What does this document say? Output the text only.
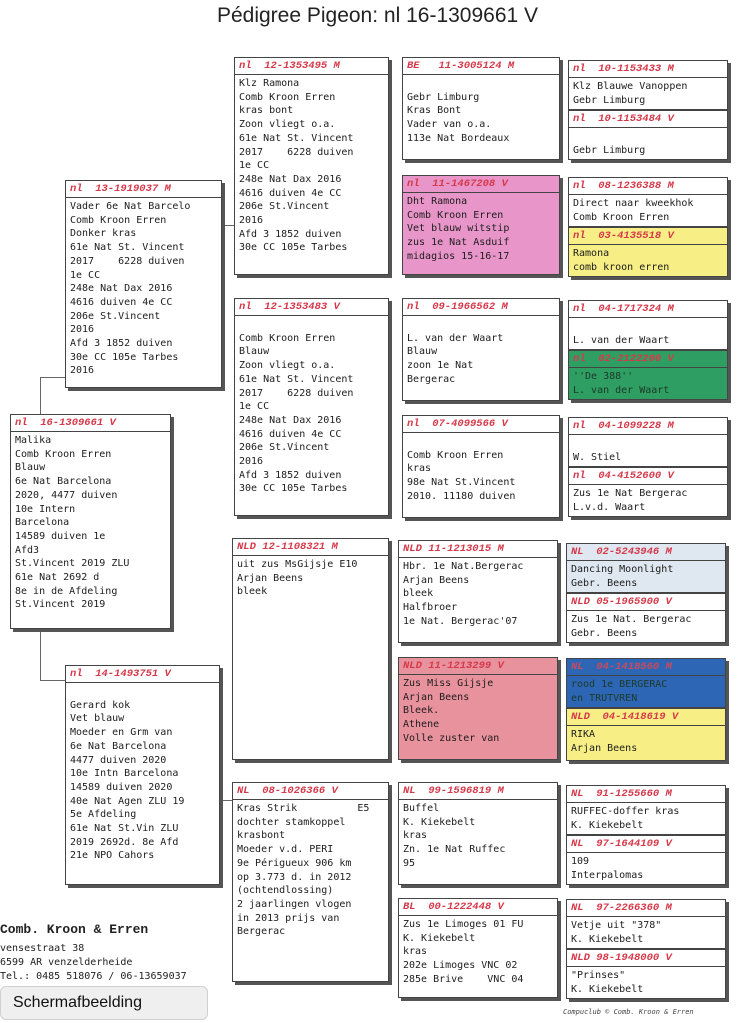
Pédigree Pigeon: nl 16-1309661 V
nl  16-1309661 V
Malika
Comb Kroon Erren
Blauw
6e Nat Barcelona
2020, 4477 duiven
10e Intern
Barcelona
14589 duiven 1e
Afd3
St.Vincent 2019 ZLU
61e Nat 2692 d
8e in de Afdeling
St.Vincent 2019
nl  13-1919037 M
Vader 6e Nat Barcelo
Comb Kroon Erren
Donker kras
61e Nat St. Vincent
2017    6228 duiven
1e CC
248e Nat Dax 2016
4616 duiven 4e CC
206e St.Vincent
2016
Afd 3 1852 duiven
30e CC 105e Tarbes
2016
nl  14-1493751 V

Gerard kok
Vet blauw
Moeder en Grm van
6e Nat Barcelona
4477 duiven 2020
10e Intn Barcelona
14589 duiven 2020
40e Nat Agen ZLU 19
5e Afdeling
61e Nat St.Vin ZLU
2019 2692d. 8e Afd
21e NPO Cahors
nl  12-1353495 M
Klz Ramona
Comb Kroon Erren
kras bont
Zoon vliegt o.a.
61e Nat St. Vincent
2017    6228 duiven
1e CC
248e Nat Dax 2016
4616 duiven 4e CC
206e St.Vincent
2016
Afd 3 1852 duiven
30e CC 105e Tarbes
nl  12-1353483 V

Comb Kroon Erren
Blauw
Zoon vliegt o.a.
61e Nat St. Vincent
2017    6228 duiven
1e CC
248e Nat Dax 2016
4616 duiven 4e CC
206e St.Vincent
2016
Afd 3 1852 duiven
30e CC 105e Tarbes
NLD 12-1108321 M
uit zus MsGijsje E10
Arjan Beens
bleek
NL  08-1026366 V
Kras Strik          E5
dochter stamkoppel
krasbont
Moeder v.d. PERI
9e Périgueux 906 km
op 3.773 d. in 2012
(ochtendlossing)
2 jaarlingen vlogen
in 2013 prijs van
Bergerac
BE   11-3005124 M

Gebr Limburg
Kras Bont
Vader van o.a.
113e Nat Bordeaux
nl  11-1467208 V
Dht Ramona
Comb Kroon Erren
Vet blauw witstip
zus 1e Nat Asduif
midagios 15-16-17
nl  09-1966562 M

L. van der Waart
Blauw
zoon 1e Nat
Bergerac
nl  07-4099566 V

Comb Kroon Erren
kras
98e Nat St.Vincent
2010. 11180 duiven
NLD 11-1213015 M
Hbr. 1e Nat.Bergerac
Arjan Beens
bleek
Halfbroer
1e Nat. Bergerac'07
NLD 11-1213299 V
Zus Miss Gijsje
Arjan Beens
Bleek.
Athene
Volle zuster van
NL  99-1596819 M
Buffel
K. Kiekebelt
kras
Zn. 1e Nat Ruffec
95
BL  00-1222448 V
Zus 1e Limoges 01 FU
K. Kiekebelt
kras
202e Limoges VNC 02
285e Brive    VNC 04
nl  10-1153433 M
Klz Blauwe Vanoppen
Gebr Limburg
nl  10-1153484 V

Gebr Limburg
nl  08-1236388 M
Direct naar kweekhok
Comb Kroon Erren
nl  03-4135518 V
Ramona
comb kroon erren
nl  04-1717324 M

L. van der Waart
nl  02-2122200 V
''De 388''
L. van der Waart
nl  04-1099228 M

W. Stiel
nl  04-4152600 V
Zus 1e Nat Bergerac
L.v.d. Waart
NL  02-5243946 M
Dancing Moonlight
Gebr. Beens
NLD 05-1965900 V
Zus 1e Nat. Bergerac
Gebr. Beens
NL  04-1418560 M
rood 1e BERGERAC
en TRUTVREN
NLD  04-1418619 V
RIKA
Arjan Beens
NL  91-1255660 M
RUFFEC-doffer kras
K. Kiekebelt
NL  97-1644109 V
109
Interpalomas
NL  97-2266360 M
Vetje uit "378"
K. Kiekebelt
NLD 98-1948000 V
"Prinses"
K. Kiekebelt
Comb. Kroon & Erren
vensestraat 38
6599 AR venzelderheide
Tel.: 0485 518076 / 06-13659037
Compuclub © Comb. Kroon & Erren
Schermafbeelding
